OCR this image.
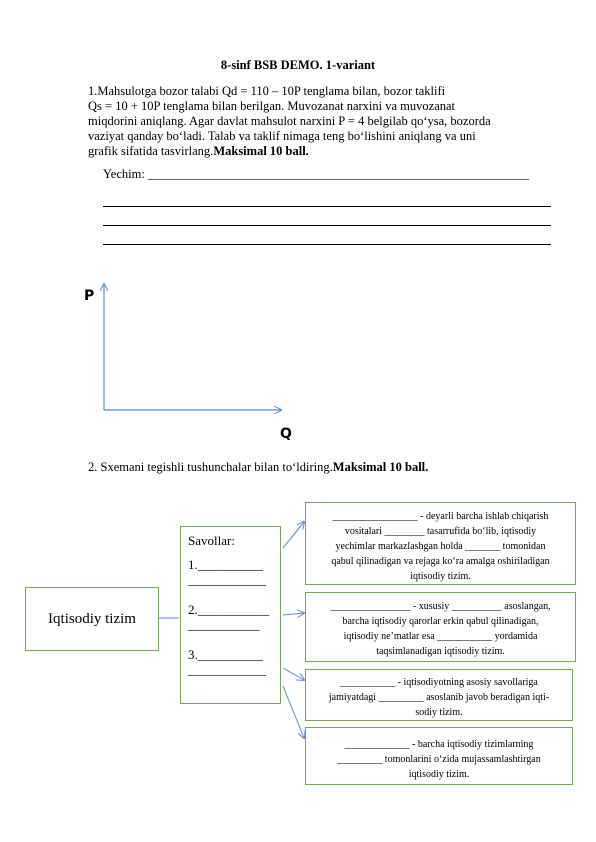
8-sinf BSB DEMO. 1-variant
1.Mahsulotga bozor talabi Qd = 110 – 10P tenglama bilan, bozor taklifi
Qs = 10 + 10P tenglama bilan berilgan. Muvozanat narxini va muvozanat
miqdorini aniqlang. Agar davlat mahsulot narxini P = 4 belgilab qo‘ysa, bozorda
vaziyat qanday bo‘ladi. Talab va taklif nimaga teng bo‘lishini aniqlang va uni
grafik sifatida tasvirlang.Maksimal 10 ball.
Yechim: _____________________________________________________________
P
Q
2. Sxemani tegishli tushunchalar bilan to‘ldiring.Maksimal 10 ball.
Iqtisodiy tizim
Savollar:
1.__________
____________
2.___________
___________
3.__________
____________
_________________ - deyarli barcha ishlab chiqarish
vositalari ________ tasarrufida bo‘lib, iqtisodiy
yechimlar markazlashgan holda _______ tomonidan
qabul qilinadigan va rejaga ko‘ra amalga oshiriladigan
iqtisodiy tizim.
________________ - xususiy __________ asoslangan,
barcha iqtisodiy qarorlar erkin qabul qilinadigan,
iqtisodiy ne’matlar esa ___________ yordamida
taqsimlanadigan iqtisodiy tizim.
___________ - iqtisodiyotning asosiy savollariga
jamiyatdagi _________ asoslanib javob beradigan iqti-
sodiy tizim.
_____________ - barcha iqtisodiy tizimlarning
_________ tomonlarini o‘zida mujassamlashtirgan
iqtisodiy tizim.
